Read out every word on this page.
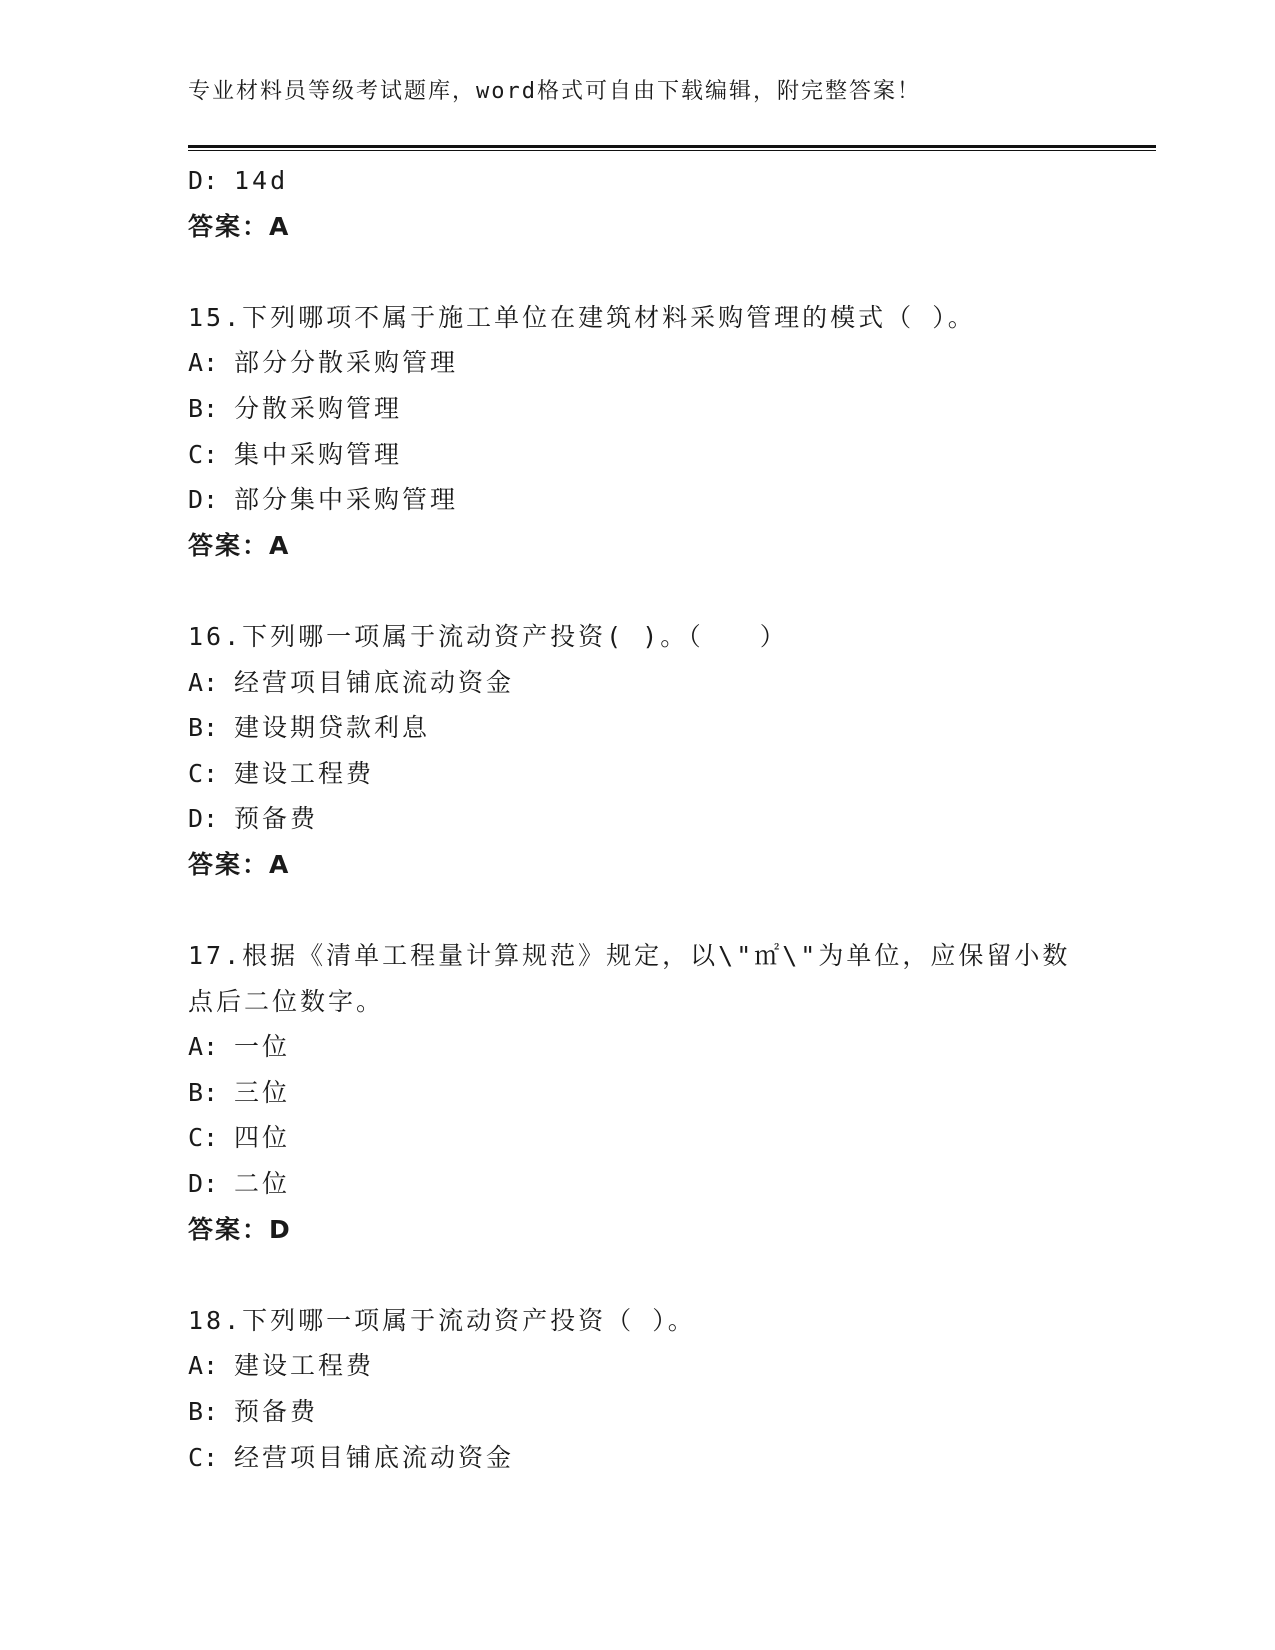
专业材料员等级考试题库，word格式可自由下载编辑，附完整答案！
D: 14d
答案：A
15.下列哪项不属于施工单位在建筑材料采购管理的模式（ ）。
A: 部分分散采购管理
B: 分散采购管理
C: 集中采购管理
D: 部分集中采购管理
答案：A
16.下列哪一项属于流动资产投资( )。（　　）
A: 经营项目铺底流动资金
B: 建设期贷款利息
C: 建设工程费
D: 预备费
答案：A
17.根据《清单工程量计算规范》规定，以\"㎡\"为单位，应保留小数
点后二位数字。
A: 一位
B: 三位
C: 四位
D: 二位
答案：D
18.下列哪一项属于流动资产投资（ ）。
A: 建设工程费
B: 预备费
C: 经营项目铺底流动资金
